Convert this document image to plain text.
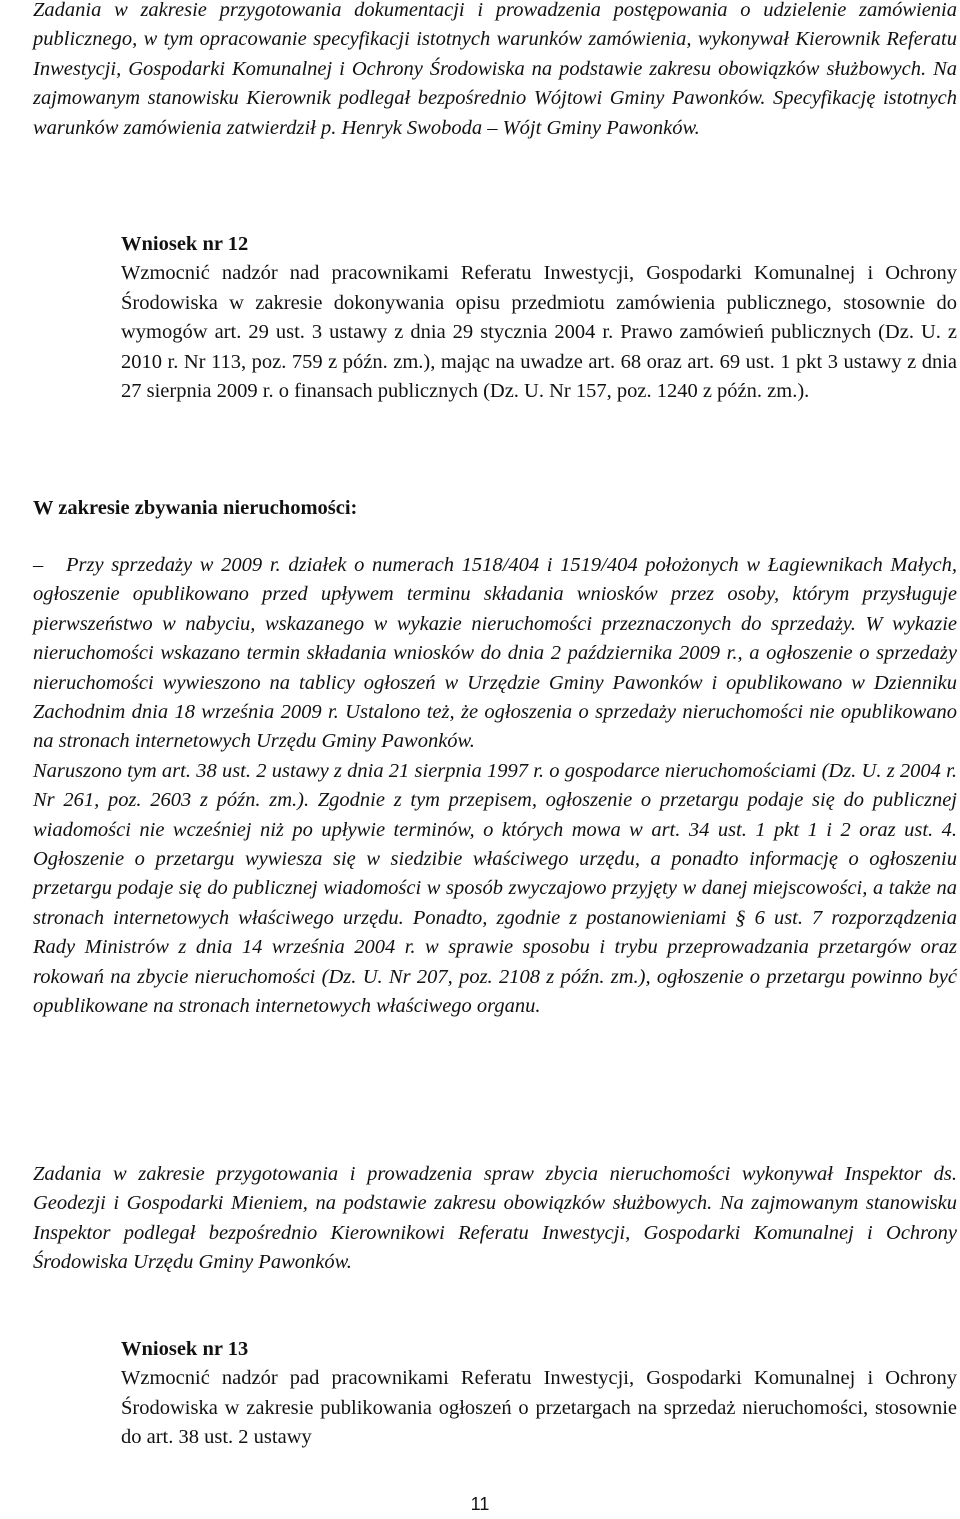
Zadania w zakresie przygotowania dokumentacji i prowadzenia postępowania o udzielenie zamówienia publicznego, w tym opracowanie specyfikacji istotnych warunków zamówienia, wykonywał Kierownik Referatu Inwestycji, Gospodarki Komunalnej i Ochrony Środowiska na podstawie zakresu obowiązków służbowych. Na zajmowanym stanowisku Kierownik podlegał bezpośrednio Wójtowi Gminy Pawonków. Specyfikację istotnych warunków zamówienia zatwierdził p. Henryk Swoboda – Wójt Gminy Pawonków.

Wniosek nr 12
Wzmocnić nadzór nad pracownikami Referatu Inwestycji, Gospodarki Komunalnej i Ochrony Środowiska w zakresie dokonywania opisu przedmiotu zamówienia publicznego, stosownie do wymogów art. 29 ust. 3 ustawy z dnia 29 stycznia 2004 r. Prawo zamówień publicznych (Dz. U. z 2010 r. Nr 113, poz. 759 z późn. zm.), mając na uwadze art. 68 oraz art. 69 ust. 1 pkt 3 ustawy z dnia 27 sierpnia 2009 r. o finansach publicznych (Dz. U. Nr 157, poz. 1240 z późn. zm.).
W zakresie zbywania nieruchomości:
–	Przy sprzedaży w 2009 r. działek o numerach 1518/404 i 1519/404 położonych w Łagiewnikach Małych, ogłoszenie opublikowano przed upływem terminu składania wniosków przez osoby, którym przysługuje pierwszeństwo w nabyciu, wskazanego w wykazie nieruchomości przeznaczonych do sprzedaży. W wykazie nieruchomości wskazano termin składania wniosków do dnia 2 października 2009 r., a ogłoszenie o sprzedaży nieruchomości wywieszono na tablicy ogłoszeń w Urzędzie Gminy Pawonków i opublikowano w Dzienniku Zachodnim dnia 18 września 2009 r. Ustalono też, że ogłoszenia o sprzedaży nieruchomości nie opublikowano na stronach internetowych Urzędu Gminy Pawonków.

Naruszono tym art. 38 ust. 2 ustawy z dnia 21 sierpnia 1997 r. o gospodarce nieruchomościami (Dz. U. z 2004 r. Nr 261, poz. 2603 z późn. zm.). Zgodnie z tym przepisem, ogłoszenie o przetargu podaje się do publicznej wiadomości nie wcześniej niż po upływie terminów, o których mowa w art. 34 ust. 1 pkt 1 i 2 oraz ust. 4. Ogłoszenie o przetargu wywiesza się w siedzibie właściwego urzędu, a ponadto informację o ogłoszeniu przetargu podaje się do publicznej wiadomości w sposób zwyczajowo przyjęty w danej miejscowości, a także na stronach internetowych właściwego urzędu. Ponadto, zgodnie z postanowieniami § 6 ust. 7 rozporządzenia Rady Ministrów z dnia 14 września 2004 r. w sprawie sposobu i trybu przeprowadzania przetargów oraz rokowań na zbycie nieruchomości (Dz. U. Nr 207, poz. 2108 z późn. zm.), ogłoszenie o przetargu powinno być opublikowane na stronach internetowych właściwego organu.

Zadania w zakresie przygotowania i prowadzenia spraw zbycia nieruchomości wykonywał Inspektor ds. Geodezji i Gospodarki Mieniem, na podstawie zakresu obowiązków służbowych. Na zajmowanym stanowisku Inspektor podlegał bezpośrednio Kierownikowi Referatu Inwestycji, Gospodarki Komunalnej i Ochrony Środowiska Urzędu Gminy Pawonków.

Wniosek nr 13
Wzmocnić nadzór pad pracownikami Referatu Inwestycji, Gospodarki Komunalnej i Ochrony Środowiska w zakresie publikowania ogłoszeń o przetargach na sprzedaż nieruchomości, stosownie do art. 38 ust. 2 ustawy
11
